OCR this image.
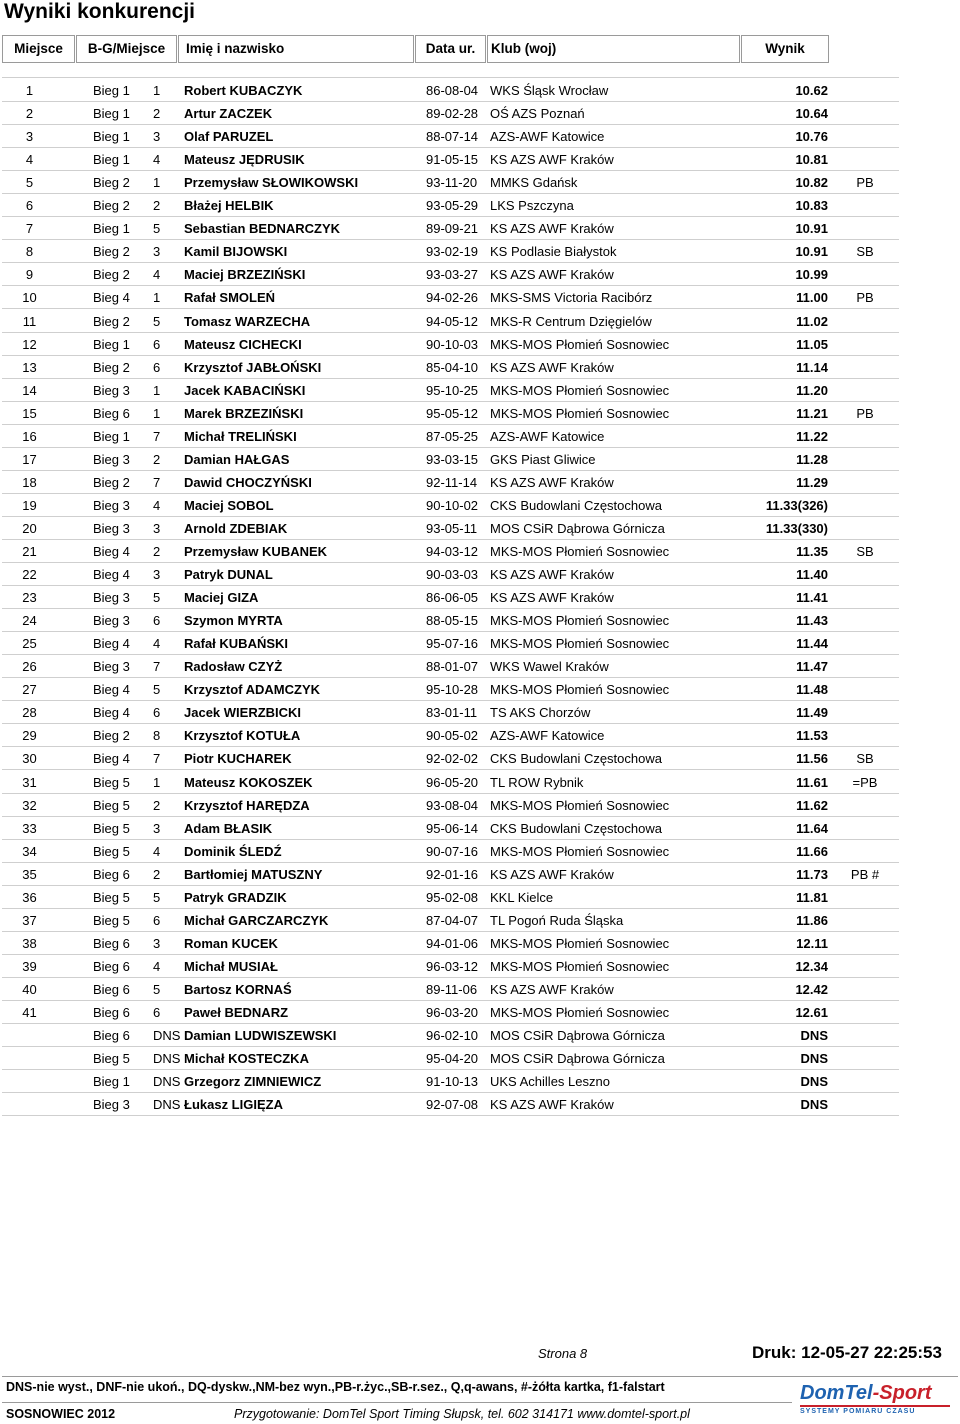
Wyniki konkurencji
Miejsce	B-G/Miejsce	Imię i nazwisko	Data ur.	Klub (woj)	Wynik
1	Bieg 1 1 Robert KUBACZYK	86-08-04 WKS Śląsk Wrocław	10.62
2	Bieg 1 2 Artur ZACZEK	89-02-28 OŚ AZS Poznań	10.64
3	Bieg 1 3 Olaf PARUZEL	88-07-14 AZS-AWF Katowice	10.76
4	Bieg 1 4 Mateusz JĘDRUSIK	91-05-15 KS AZS AWF Kraków	10.81
5	Bieg 2 1 Przemysław SŁOWIKOWSKI	93-11-20 MMKS Gdańsk	10.82	PB
6	Bieg 2 2 Błażej HELBIK	93-05-29 LKS Pszczyna	10.83
7	Bieg 1 5 Sebastian BEDNARCZYK	89-09-21 KS AZS AWF Kraków	10.91
8	Bieg 2 3 Kamil BIJOWSKI	93-02-19 KS Podlasie Białystok	10.91	SB
9	Bieg 2 4 Maciej BRZEZIŃSKI	93-03-27 KS AZS AWF Kraków	10.99
10	Bieg 4 1 Rafał SMOLEŃ	94-02-26 MKS-SMS Victoria Racibórz	11.00	PB
11	Bieg 2 5 Tomasz WARZECHA	94-05-12 MKS-R Centrum Dzięgielów	11.02
12	Bieg 1 6 Mateusz CICHECKI	90-10-03 MKS-MOS Płomień Sosnowiec	11.05
13	Bieg 2 6 Krzysztof JABŁOŃSKI	85-04-10 KS AZS AWF Kraków	11.14
14	Bieg 3 1 Jacek KABACIŃSKI	95-10-25 MKS-MOS Płomień Sosnowiec	11.20
15	Bieg 6 1 Marek BRZEZIŃSKI	95-05-12 MKS-MOS Płomień Sosnowiec	11.21	PB
16	Bieg 1 7 Michał TRELIŃSKI	87-05-25 AZS-AWF Katowice	11.22
17	Bieg 3 2 Damian HAŁGAS	93-03-15 GKS Piast Gliwice	11.28
18	Bieg 2 7 Dawid CHOCZYŃSKI	92-11-14 KS AZS AWF Kraków	11.29
19	Bieg 3 4 Maciej SOBOL	90-10-02 CKS Budowlani Częstochowa	11.33(326)
20	Bieg 3 3 Arnold ZDEBIAK	93-05-11 MOS CSiR Dąbrowa Górnicza	11.33(330)
21	Bieg 4 2 Przemysław KUBANEK	94-03-12 MKS-MOS Płomień Sosnowiec	11.35	SB
22	Bieg 4 3 Patryk DUNAL	90-03-03 KS AZS AWF Kraków	11.40
23	Bieg 3 5 Maciej GIZA	86-06-05 KS AZS AWF Kraków	11.41
24	Bieg 3 6 Szymon MYRTA	88-05-15 MKS-MOS Płomień Sosnowiec	11.43
25	Bieg 4 4 Rafał KUBAŃSKI	95-07-16 MKS-MOS Płomień Sosnowiec	11.44
26	Bieg 3 7 Radosław CZYŻ	88-01-07 WKS Wawel Kraków	11.47
27	Bieg 4 5 Krzysztof ADAMCZYK	95-10-28 MKS-MOS Płomień Sosnowiec	11.48
28	Bieg 4 6 Jacek WIERZBICKI	83-01-11 TS AKS Chorzów	11.49
29	Bieg 2 8 Krzysztof KOTUŁA	90-05-02 AZS-AWF Katowice	11.53
30	Bieg 4 7 Piotr KUCHAREK	92-02-02 CKS Budowlani Częstochowa	11.56	SB
31	Bieg 5 1 Mateusz KOKOSZEK	96-05-20 TL ROW Rybnik	11.61	=PB
32	Bieg 5 2 Krzysztof HARĘDZA	93-08-04 MKS-MOS Płomień Sosnowiec	11.62
33	Bieg 5 3 Adam BŁASIK	95-06-14 CKS Budowlani Częstochowa	11.64
34	Bieg 5 4 Dominik ŚLEDŹ	90-07-16 MKS-MOS Płomień Sosnowiec	11.66
35	Bieg 6 2 Bartłomiej MATUSZNY	92-01-16 KS AZS AWF Kraków	11.73	PB #
36	Bieg 5 5 Patryk GRADZIK	95-02-08 KKL Kielce	11.81
37	Bieg 5 6 Michał GARCZARCZYK	87-04-07 TL Pogoń Ruda Śląska	11.86
38	Bieg 6 3 Roman KUCEK	94-01-06 MKS-MOS Płomień Sosnowiec	12.11
39	Bieg 6 4 Michał MUSIAŁ	96-03-12 MKS-MOS Płomień Sosnowiec	12.34
40	Bieg 6 5 Bartosz KORNAŚ	89-11-06 KS AZS AWF Kraków	12.42
41	Bieg 6 6 Paweł BEDNARZ	96-03-20 MKS-MOS Płomień Sosnowiec	12.61
Bieg 6 DNS Damian LUDWISZEWSKI	96-02-10 MOS CSiR Dąbrowa Górnicza	DNS
Bieg 5 DNS Michał KOSTECZKA	95-04-20 MOS CSiR Dąbrowa Górnicza	DNS
Bieg 1 DNS Grzegorz ZIMNIEWICZ	91-10-13 UKS Achilles Leszno	DNS
Bieg 3 DNS Łukasz LIGIĘZA	92-07-08 KS AZS AWF Kraków	DNS
Strona 8	Druk: 12-05-27 22:25:53
DNS-nie wyst., DNF-nie ukoń., DQ-dyskw.,NM-bez wyn.,PB-r.życ.,SB-r.sez., Q,q-awans, #-żółta kartka, f1-falstart
SOSNOWIEC 2012	Przygotowanie: DomTel Sport Timing Słupsk, tel. 602 314171 www.domtel-sport.pl
DomTel-Sport
SYSTEMY POMIARU CZASU
